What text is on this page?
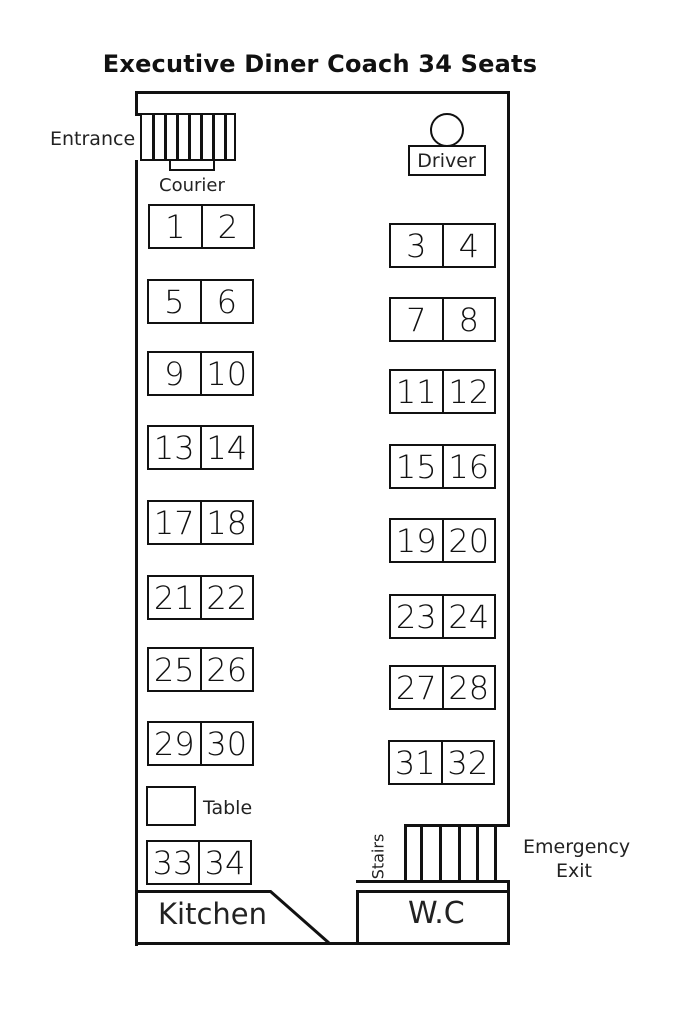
Executive Diner Coach 34 Seats
Entrance
Courier
Driver
1	2
5	6
9 10
13 14
17 18
21 22
25 26
29 30
Table
33 34
3	4
7	8
11 12
15 16
19 20
23 24
27 28
31 32
Stairs	Emergency
Exit
Kitchen	W.C
